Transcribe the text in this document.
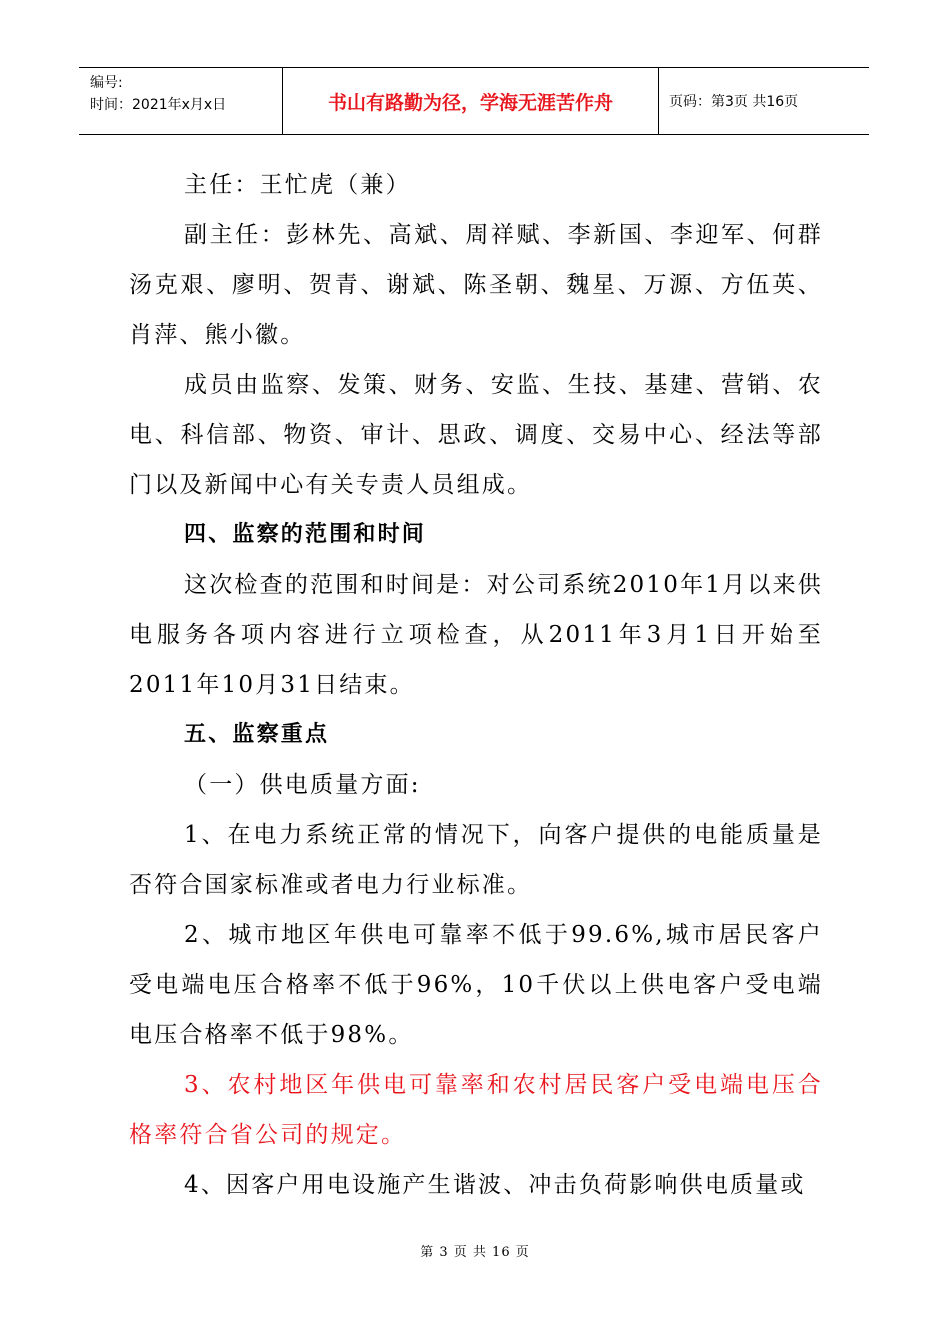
编号:
时间：2021年x月x日	书山有路勤为径，学海无涯苦作舟	页码：第3页 共16页

主任：王忙虎（兼）

副主任：彭林先、高斌、周祥赋、李新国、李迎军、何群汤克艰、廖明、贺青、谢斌、陈圣朝、魏星、万源、方伍英、肖萍、熊小徽。

成员由监察、发策、财务、安监、生技、基建、营销、农电、科信部、物资、审计、思政、调度、交易中心、经法等部门以及新闻中心有关专责人员组成。

四、监察的范围和时间

这次检查的范围和时间是：对公司系统2010年1月以来供电服务各项内容进行立项检查，从2011年3月1日开始至2011年10月31日结束。

五、监察重点

（一）供电质量方面:

1、在电力系统正常的情况下，向客户提供的电能质量是否符合国家标准或者电力行业标准。

2、城市地区年供电可靠率不低于99.6%,城市居民客户受电端电压合格率不低于96%，10千伏以上供电客户受电端电压合格率不低于98%。

3、农村地区年供电可靠率和农村居民客户受电端电压合格率符合省公司的规定。

4、因客户用电设施产生谐波、冲击负荷影响供电质量或

第 3 页 共 16 页
